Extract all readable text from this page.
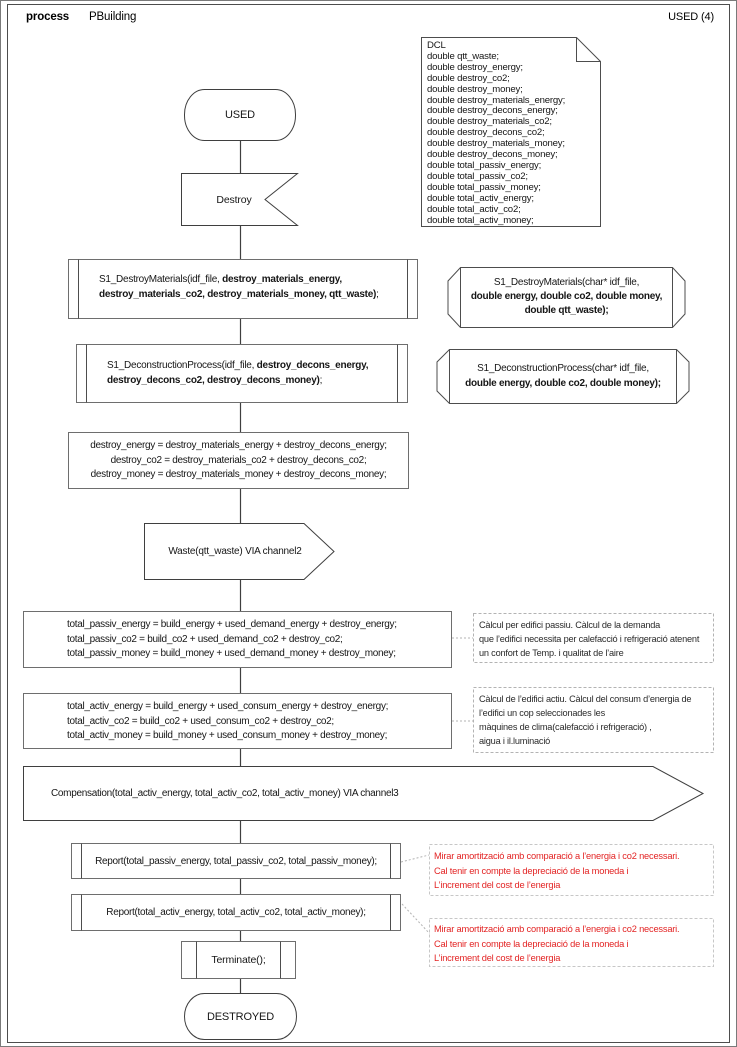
process PBuilding	USED (4)
DCL
double qtt_waste;
double destroy_energy;
double destroy_co2;
double destroy_money;
double destroy_materials_energy;
double destroy_decons_energy;
double destroy_materials_co2;
double destroy_decons_co2;
double destroy_materials_money;
double destroy_decons_money;
double total_passiv_energy;
double total_passiv_co2;
double total_passiv_money;
double total_activ_energy;
double total_activ_co2;
double total_activ_money;
USED
Destroy
S1_DestroyMaterials(idf_file, destroy_materials_energy,
destroy_materials_co2, destroy_materials_money, qtt_waste);
S1_DestroyMaterials(char* idf_file,
double energy, double co2, double money,
double qtt_waste);
S1_DeconstructionProcess(idf_file, destroy_decons_energy,
destroy_decons_co2, destroy_decons_money);
S1_DeconstructionProcess(char* idf_file,
double energy, double co2, double money);
destroy_energy = destroy_materials_energy + destroy_decons_energy;
destroy_co2 = destroy_materials_co2 + destroy_decons_co2;
destroy_money = destroy_materials_money + destroy_decons_money;
Waste(qtt_waste) VIA channel2
total_passiv_energy = build_energy + used_demand_energy + destroy_energy;
total_passiv_co2 = build_co2 + used_demand_co2 + destroy_co2;
total_passiv_money = build_money + used_demand_money + destroy_money;
Càlcul per edifici passiu. Càlcul de la demanda
que l’edifici necessita per calefacció i refrigeració atenent
un confort de Temp. i qualitat de l’aire
total_activ_energy = build_energy + used_consum_energy + destroy_energy;
total_activ_co2 = build_co2 + used_consum_co2 + destroy_co2;
total_activ_money = build_money + used_consum_money + destroy_money;
Càlcul de l’edifici actiu. Càlcul del consum d’energia de
l’edifici un cop seleccionades les
màquines de clima(calefacció i refrigeració) ,
aigua i il.luminació
Compensation(total_activ_energy, total_activ_co2, total_activ_money) VIA channel3
Report(total_passiv_energy, total_passiv_co2, total_passiv_money);	Mirar amortització amb comparació a l’energia i co2 necessari.
Cal tenir en compte la depreciació de la moneda i
L’increment del cost de l’energia
Report(total_activ_energy, total_activ_co2, total_activ_money);
Mirar amortització amb comparació a l’energia i co2 necessari.
Cal tenir en compte la depreciació de la moneda i
L’increment del cost de l’energia
Terminate();
DESTROYED
